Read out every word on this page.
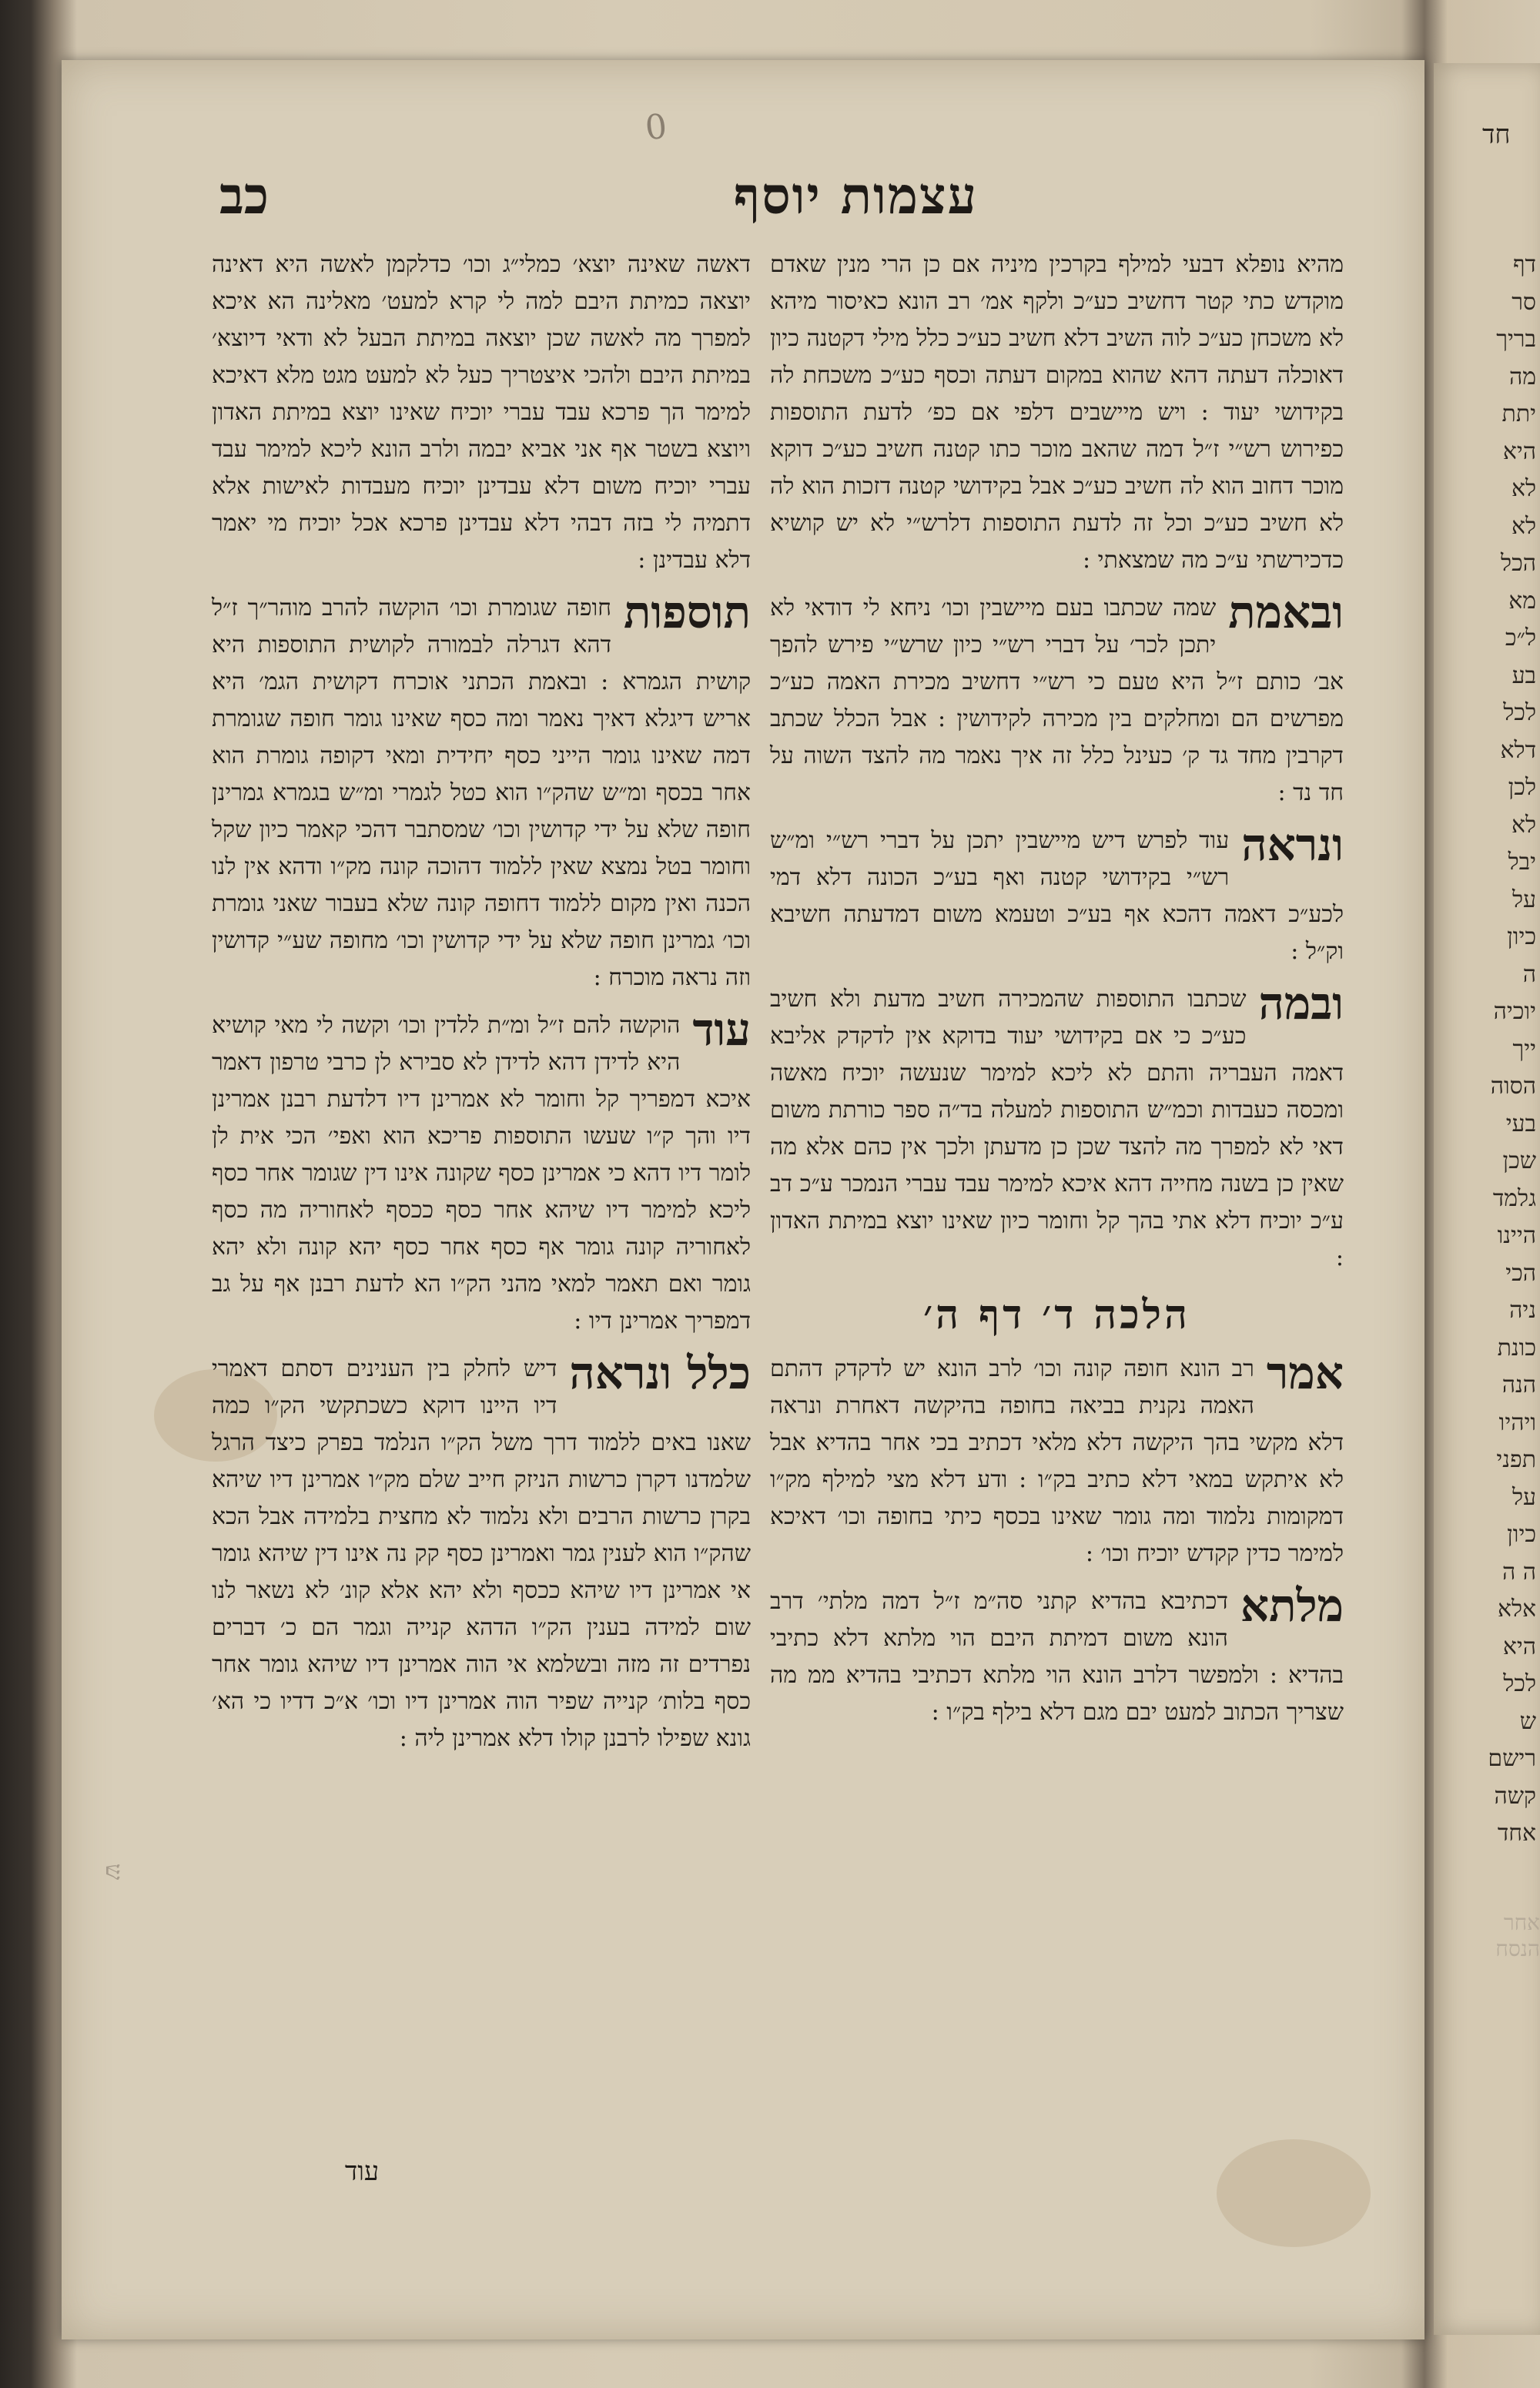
0
עצמות יוסף
כב

מהיא נופלא דבעי למילף בקרכין מיניה אם כן הרי מנין שאדם מוקדש כתי קטר דחשיב כע״כ ולקף אמ׳ רב הונא כאיסור מיהא לא משכחן כע״כ לוה השיב דלא חשיב כע״כ כלל מילי דקטנה כיון דאוכלה דעתה דהא שהוא במקום דעתה וכסף כע״כ משכחת לה בקידושי יעוד : ויש מיישבים דלפי אם כפ׳ לדעת התוספות כפירוש רש״י ז״ל דמה שהאב מוכר כתו קטנה חשיב כע״כ דוקא מוכר דחוב הוא לה חשיב כע״כ אבל בקידושי קטנה דזכות הוא לה לא חשיב כע״כ וכל זה לדעת התוספות דלרש״י לא יש קושיא כדכירשתי ע״כ מה שמצאתי :

ובאמת
שמה שכתבו בעם מיישבין וכו׳ ניחא לי דודאי לא יתכן לכר׳ על דברי רש״י כיון שרש״י פירש להפך אב׳ כותם ז״ל היא טעם כי רש״י דחשיב מכירת האמה כע״כ מפרשים הם ומחלקים בין מכירה לקידושין : אבל הכלל שכתב דקרבין מחד גד ק׳ כעינל כלל זה איך נאמר מה להצד השוה על חד נד :

ונראה
עוד לפרש דיש מיישבין יתכן על דברי רש״י ומ״ש רש״י בקידושי קטנה ואף בע״כ הכונה דלא דמי לכע״כ דאמה דהכא אף בע״כ וטעמא משום דמדעתה חשיבא וק״ל :

ובמה
שכתבו התוספות שהמכירה חשיב מדעת ולא חשיב כע״כ כי אם בקידושי יעוד בדוקא אין לדקדק אליבא דאמה העבריה והתם לא ליכא למימר שנעשה יוכיח מאשה ומכסה כעבדות וכמ״ש התוספות למעלה בד״ה ספר כורתת משום דאי לא למפרך מה להצד שכן כן מדעתן ולכך אין כהם אלא מה שאין כן בשנה מחייה דהא איכא למימר עבד עברי הנמכר ע״כ דב ע״כ יוכיח דלא אתי בהך קל וחומר כיון שאינו יוצא במיתת האדון :

הלכה ד׳ דף ה׳

אמר
רב הונא חופה קונה וכו׳ לרב הונא יש לדקדק דהתם האמה נקנית בביאה בחופה בהיקשה דאחרת ונראה דלא מקשי בהך היקשה דלא מלאי דכתיב בכי אחר בהדיא אבל לא איתקש במאי דלא כתיב בק״ו : ודע דלא מצי למילף מק״ו דמקומות נלמוד ומה גומר שאינו בכסף כיתי בחופה וכו׳ דאיכא למימר כדין קקדש יוכיח וכו׳ :

מלתא
דכתיבא בהדיא קתני סה״מ ז״ל דמה מלתי׳ דרב הונא משום דמיתת היבם הוי מלתא דלא כתיבי בהדיא : ולמפשר דלרב הונא הוי מלתא דכתיבי בהדיא ממ מה שצריך הכתוב למעט יבם מגם דלא בילף בק״ו :

דאשה שאינה יוצא׳ כמלי״ג וכו׳ כדלקמן לאשה היא דאינה יוצאה כמיתת היבם למה לי קרא למעט׳ מאלינה הא איכא למפרך מה לאשה שכן יוצאה במיתת הבעל לא ודאי דיוצא׳ במיתת היבם ולהכי איצטריך כעל לא למעט מגט מלא דאיכא למימר הך פרכא עבד עברי יוכיח שאינו יוצא במיתת האדון ויוצא בשטר אף אני אביא יבמה ולרב הונא ליכא למימר עבד עברי יוכיח משום דלא עבדינן יוכיח מעבדות לאישות אלא דתמיה לי בזה דבהי דלא עבדינן פרכא אכל יוכיח מי יאמר דלא עבדינן :

תוספות
חופה שגומרת וכו׳ הוקשה להרב מוהר״ך ז״ל דהא דגרלה לבמורה לקושית התוספות היא קושית הגמרא : ובאמת הכתני אוכרח דקושית הגמ׳ היא אריש דיגלא דאיך נאמר ומה כסף שאינו גומר חופה שגומרת דמה שאינו גומר הייני כסף יחידית ומאי דקופה גומרת הוא אחר בכסף ומ״ש שהק״ו הוא כטל לגמרי ומ״ש בגמרא גמרינן חופה שלא על ידי קדושין וכו׳ שמסתבר דהכי קאמר כיון שקל וחומר בטל נמצא שאין ללמוד דהוכה קונה מק״ו ודהא אין לנו הכנה ואין מקום ללמוד דחופה קונה שלא בעבור שאני גומרת וכו׳ גמרינן חופה שלא על ידי קדושין וכו׳ מחופה שע״י קדושין וזה נראה מוכרח :

עוד
הוקשה להם ז״ל ומ״ת ללדין וכו׳ וקשה לי מאי קושיא היא לדידן דהא לדידן לא סבירא לן כרבי טרפון דאמר איכא דמפריך קל וחומר לא אמרינן דיו דלדעת רבנן אמרינן דיו והך ק״ו שעשו התוספות פריכא הוא ואפי׳ הכי אית לן לומר דיו דהא כי אמרינן כסף שקונה אינו דין שגומר אחר כסף ליכא למימר דיו שיהא אחר כסף ככסף לאחוריה מה כסף לאחוריה קונה גומר אף כסף אחר כסף יהא קונה ולא יהא גומר ואם תאמר למאי מהני הק״ו הא לדעת רבנן אף על גב דמפריך אמרינן דיו :

כלל ונראה
דיש לחלק בין הענינים דסתם דאמרי דיו היינו דוקא כשכתקשי הק״ו כמה שאנו באים ללמוד דרך משל הק״ו הנלמד בפרק כיצד הרגל שלמדנו דקרן כרשות הניזק חייב שלם מק״ו אמרינן דיו שיהא בקרן כרשות הרבים ולא נלמוד לא מחצית בלמידה אבל הכא שהק״ו הוא לענין גמר ואמרינן כסף קק נה אינו דין שיהא גומר אי אמרינן דיו שיהא ככסף ולא יהא אלא קונ׳ לא נשאר לנו שום למידה בענין הק״ו הדהא קנייה וגמר הם כ׳ דברים נפרדים זה מזה ובשלמא אי הוה אמרינן דיו שיהא גומר אחר כסף בלות׳ קנייה שפיר הוה אמרינן דיו וכו׳ א״כ דדיו כי הא׳ גונא שפילו לרבנן קולו דלא אמרינן ליה :

עוד
חד
דף
סר
בריך
מה
יתת
היא
לא
לא
הכל
מא
ל״כ
בע
לכל
דלא
לכן
לא
יבל
על
כיון
ה
יוכיה
ייך
הסוה
בעי
שכן
גלמד
היינו
הכי
ניה
כונת
הנה
ויהיו
תפני
על
כיון
ה ה
אלא
היא
לכל
ש
רישם
קשה
אחד
ש
אחר הנסח
